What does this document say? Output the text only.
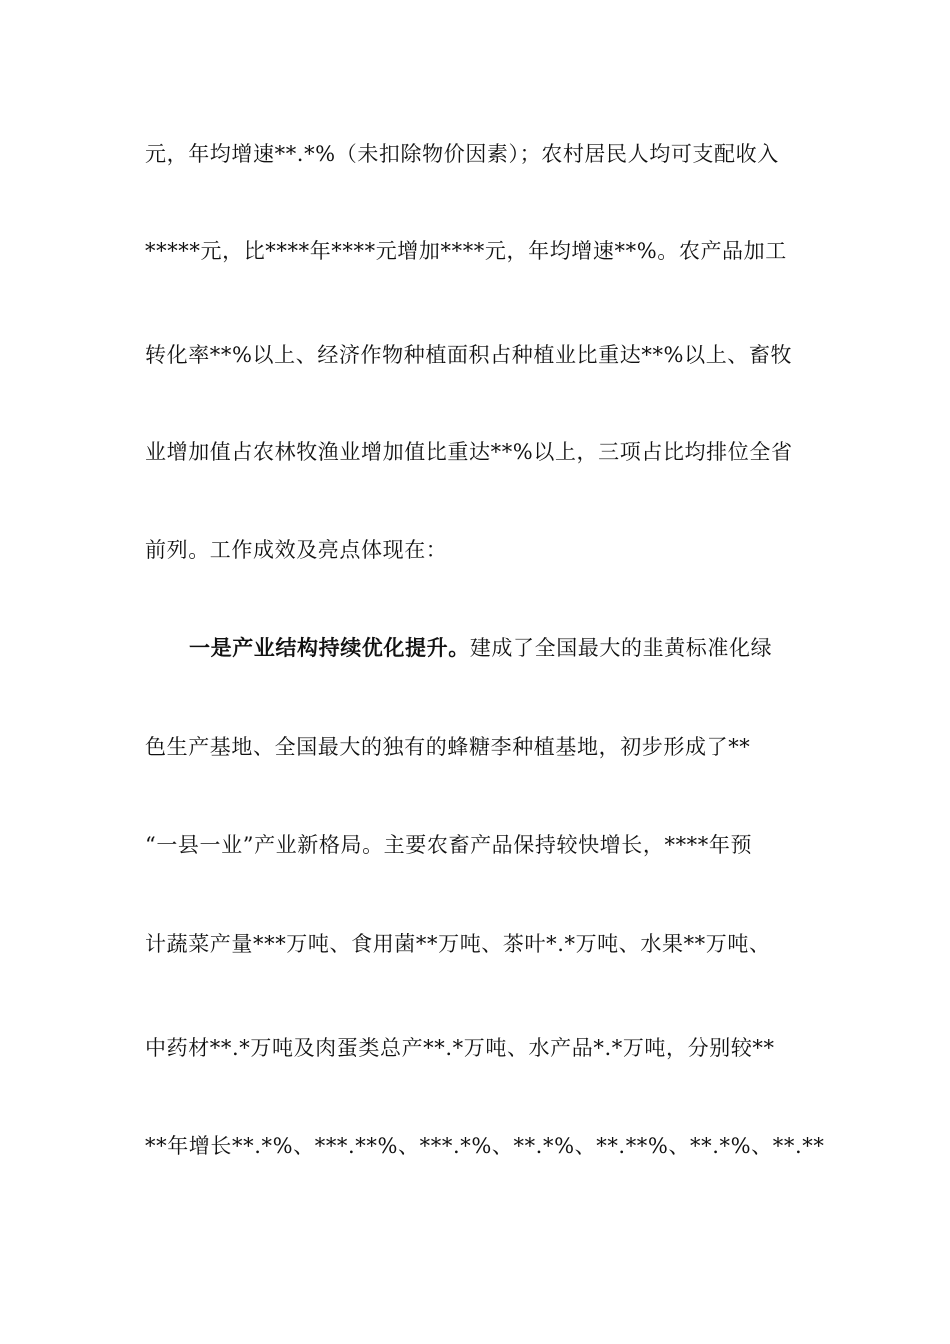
元，年均增速**.*%（未扣除物价因素）；农村居民人均可支配收入
*****元，比****年****元增加****元，年均增速**%。农产品加工
转化率**%以上、经济作物种植面积占种植业比重达**%以上、畜牧
业增加值占农林牧渔业增加值比重达**%以上，三项占比均排位全省
前列。工作成效及亮点体现在：
一是产业结构持续优化提升。建成了全国最大的韭黄标准化绿
色生产基地、全国最大的独有的蜂糖李种植基地，初步形成了**
“一县一业”产业新格局。主要农畜产品保持较快增长，****年预
计蔬菜产量***万吨、食用菌**万吨、茶叶*.*万吨、水果**万吨、
中药材**.*万吨及肉蛋类总产**.*万吨、水产品*.*万吨，分别较**
**年增长**.*%、***.**%、***.*%、**.*%、**.**%、**.*%、**.**
